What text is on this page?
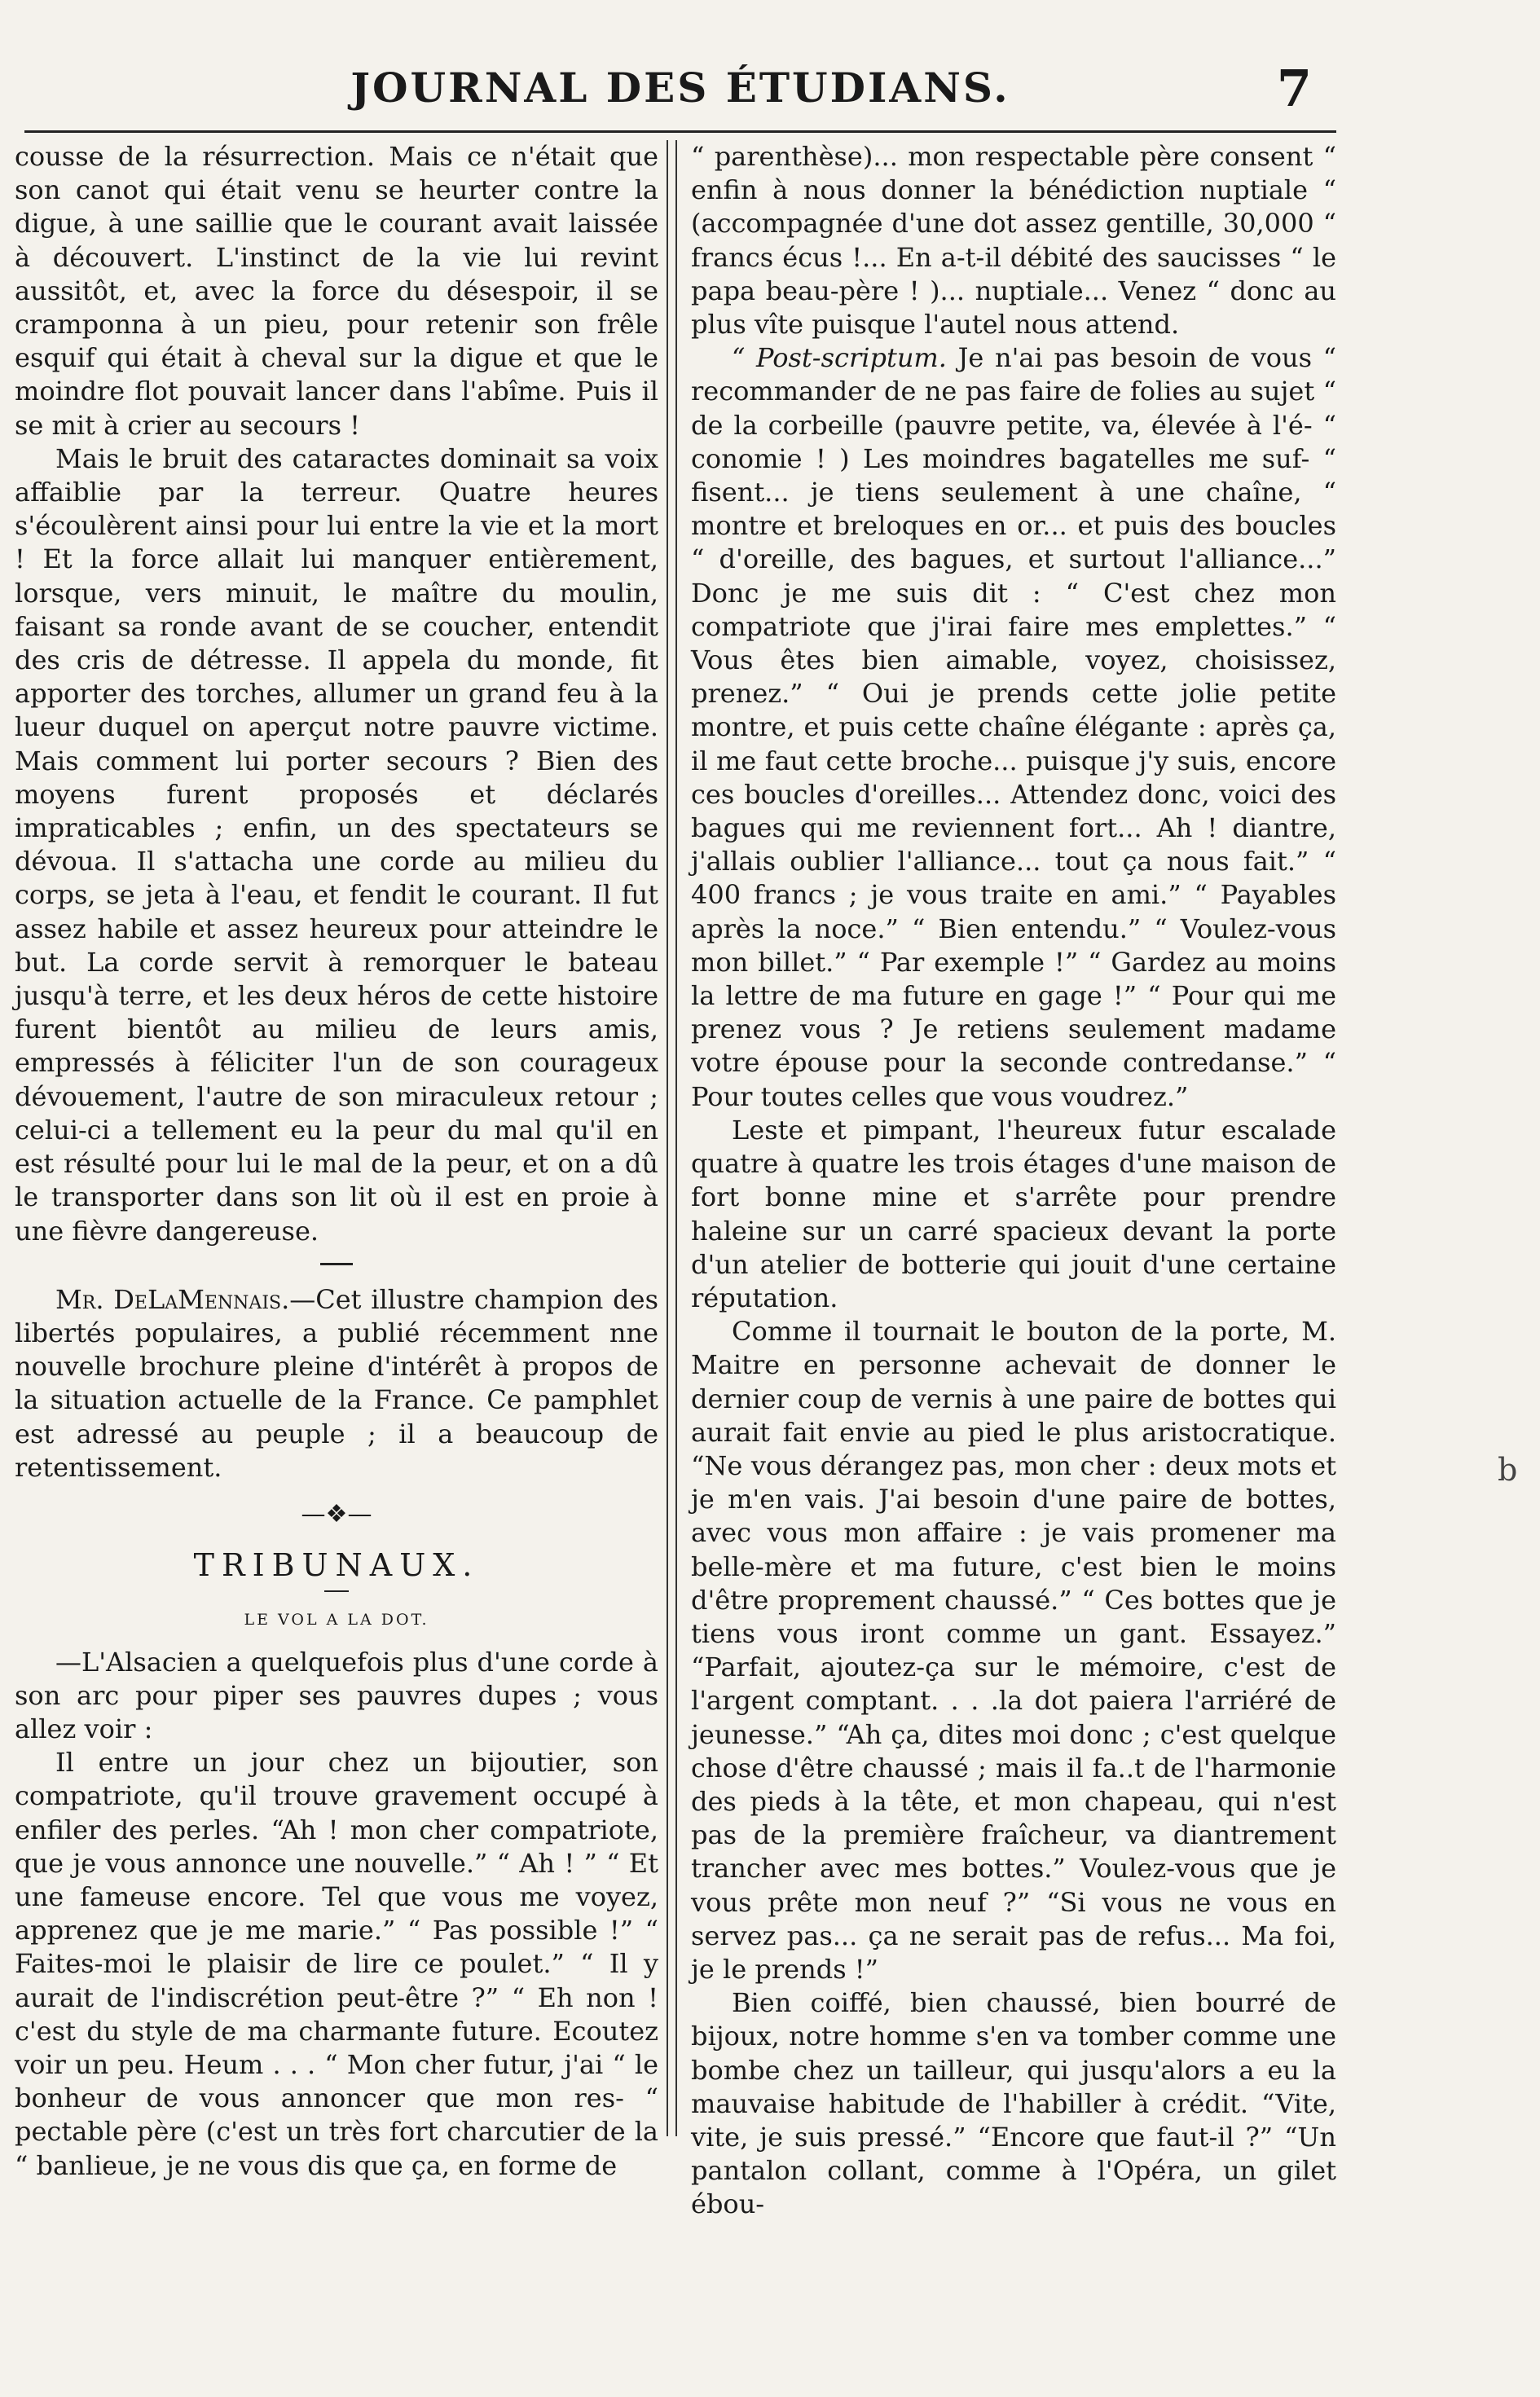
JOURNAL DES ÉTUDIANS.	7

cousse de la résurrection. Mais ce n'était que son canot qui était venu se heurter contre la digue, à une saillie que le courant avait laissée à découvert. L'instinct de la vie lui revint aussitôt, et, avec la force du désespoir, il se cramponna à un pieu, pour retenir son frêle esquif qui était à cheval sur la digue et que le moindre flot pouvait lancer dans l'abîme. Puis il se mit à crier au secours !

Mais le bruit des cataractes dominait sa voix affaiblie par la terreur. Quatre heures s'écoulèrent ainsi pour lui entre la vie et la mort ! Et la force allait lui manquer entièrement, lorsque, vers minuit, le maître du moulin, faisant sa ronde avant de se coucher, entendit des cris de détresse. Il appela du monde, fit apporter des torches, allumer un grand feu à la lueur duquel on aperçut notre pauvre victime. Mais comment lui porter secours ? Bien des moyens furent proposés et déclarés impraticables ; enfin, un des spectateurs se dévoua. Il s'attacha une corde au milieu du corps, se jeta à l'eau, et fendit le courant. Il fut assez habile et assez heureux pour atteindre le but. La corde servit à remorquer le bateau jusqu'à terre, et les deux héros de cette histoire furent bientôt au milieu de leurs amis, empressés à féliciter l'un de son courageux dévouement, l'autre de son miraculeux retour ; celui-ci a tellement eu la peur du mal qu'il en est résulté pour lui le mal de la peur, et on a dû le transporter dans son lit où il est en proie à une fièvre dangereuse.

Mr. DeLaMennais.—Cet illustre champion des libertés populaires, a publié récemment nne nouvelle brochure pleine d'intérêt à propos de la situation actuelle de la France. Ce pamphlet est adressé au peuple ; il a beaucoup de retentissement.

—❖—
TRIBUNAUX.
LE VOL A LA DOT.

—L'Alsacien a quelquefois plus d'une corde à son arc pour piper ses pauvres dupes ; vous allez voir :

Il entre un jour chez un bijoutier, son compatriote, qu'il trouve gravement occupé à enfiler des perles. “Ah ! mon cher compatriote, que je vous annonce une nouvelle.” “ Ah ! ” “ Et une fameuse encore. Tel que vous me voyez, apprenez que je me marie.” “ Pas possible !” “ Faites-moi le plaisir de lire ce poulet.” “ Il y aurait de l'indiscrétion peut-être ?” “ Eh non ! c'est du style de ma charmante future. Ecoutez voir un peu. Heum . . . “ Mon cher futur, j'ai “ le bonheur de vous annoncer que mon res- “ pectable père (c'est un très fort charcutier de la “ banlieue, je ne vous dis que ça, en forme de

“ parenthèse)... mon respectable père consent “ enfin à nous donner la bénédiction nuptiale “ (accompagnée d'une dot assez gentille, 30,000 “ francs écus !... En a-t-il débité des saucisses “ le papa beau-père ! )... nuptiale... Venez “ donc au plus vîte puisque l'autel nous attend.

“ Post-scriptum. Je n'ai pas besoin de vous “ recommander de ne pas faire de folies au sujet “ de la corbeille (pauvre petite, va, élevée à l'é- “ conomie ! ) Les moindres bagatelles me suf- “ fisent... je tiens seulement à une chaîne, “ montre et breloques en or... et puis des boucles “ d'oreille, des bagues, et surtout l'alliance...” Donc je me suis dit : “ C'est chez mon compatriote que j'irai faire mes emplettes.” “ Vous êtes bien aimable, voyez, choisissez, prenez.” “ Oui je prends cette jolie petite montre, et puis cette chaîne élégante : après ça, il me faut cette broche... puisque j'y suis, encore ces boucles d'oreilles... Attendez donc, voici des bagues qui me reviennent fort... Ah ! diantre, j'allais oublier l'alliance... tout ça nous fait.” “ 400 francs ; je vous traite en ami.” “ Payables après la noce.” “ Bien entendu.” “ Voulez-vous mon billet.” “ Par exemple !” “ Gardez au moins la lettre de ma future en gage !” “ Pour qui me prenez vous ? Je retiens seulement madame votre épouse pour la seconde contredanse.” “ Pour toutes celles que vous voudrez.”

Leste et pimpant, l'heureux futur escalade quatre à quatre les trois étages d'une maison de fort bonne mine et s'arrête pour prendre haleine sur un carré spacieux devant la porte d'un atelier de botterie qui jouit d'une certaine réputation.

Comme il tournait le bouton de la porte, M. Maitre en personne achevait de donner le dernier coup de vernis à une paire de bottes qui aurait fait envie au pied le plus aristocratique. “Ne vous dérangez pas, mon cher : deux mots et je m'en vais. J'ai besoin d'une paire de bottes, avec vous mon affaire : je vais promener ma belle-mère et ma future, c'est bien le moins d'être proprement chaussé.” “ Ces bottes que je tiens vous iront comme un gant. Essayez.” “Parfait, ajoutez-ça sur le mémoire, c'est de l'argent comptant. . . .la dot paiera l'arriéré de jeunesse.” “Ah ça, dites moi donc ; c'est quelque chose d'être chaussé ; mais il fa..t de l'harmonie des pieds à la tête, et mon chapeau, qui n'est pas de la première fraîcheur, va diantrement trancher avec mes bottes.” Voulez-vous que je vous prête mon neuf ?” “Si vous ne vous en servez pas... ça ne serait pas de refus... Ma foi, je le prends !”

Bien coiffé, bien chaussé, bien bourré de bijoux, notre homme s'en va tomber comme une bombe chez un tailleur, qui jusqu'alors a eu la mauvaise habitude de l'habiller à crédit. “Vite, vite, je suis pressé.” “Encore que faut-il ?” “Un pantalon collant, comme à l'Opéra, un gilet ébou-

b
